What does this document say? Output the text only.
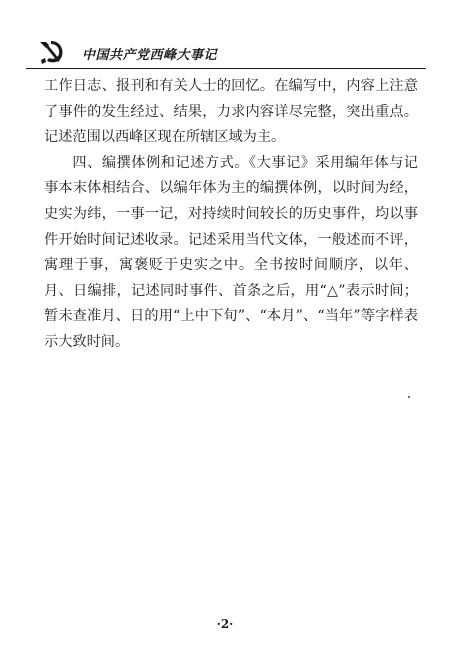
中国共产党西峰大事记

工作日志、报刊和有关人士的回忆。在编写中，内容上注意了事件的发生经过、结果，力求内容详尽完整，突出重点。记述范围以西峰区现在所辖区域为主。

四、编撰体例和记述方式。《大事记》采用编年体与记事本末体相结合、以编年体为主的编撰体例，以时间为经，史实为纬，一事一记，对持续时间较长的历史事件，均以事件开始时间记述收录。记述采用当代文体，一般述而不评，寓理于事，寓褒贬于史实之中。全书按时间顺序，以年、月、日编排，记述同时事件、首条之后，用“△”表示时间；暂未查准月、日的用“上中下旬”、“本月”、“当年”等字样表示大致时间。

·2·
